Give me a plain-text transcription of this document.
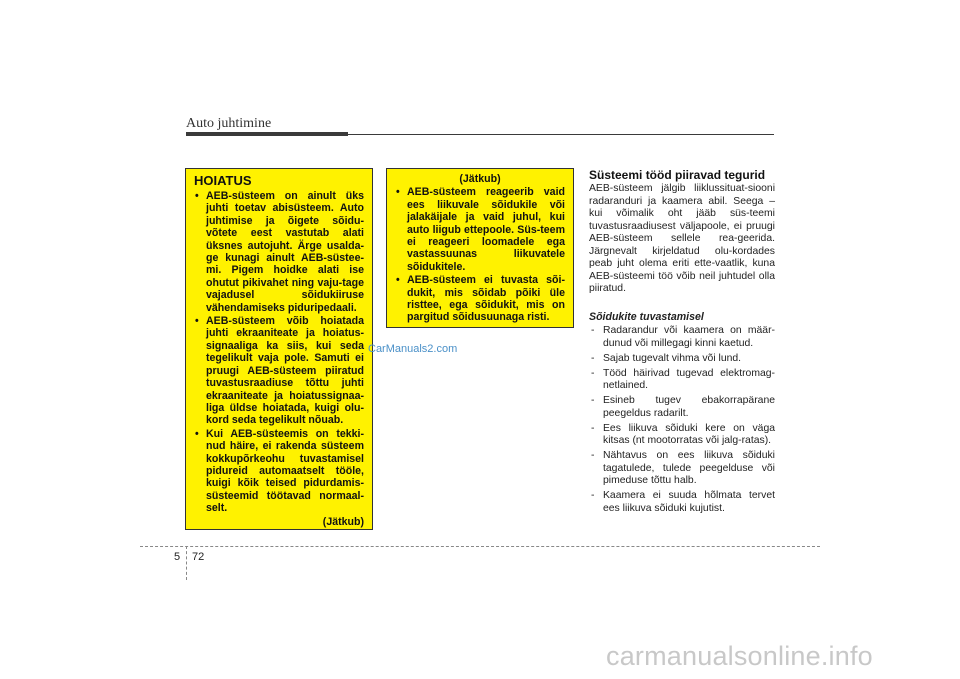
Auto juhtimine
HOIATUS
• AEB-süsteem on ainult üks juhti toetav abisüsteem. Auto juhtimise ja õigete sõidu-võtete eest vastutab alati üksnes autojuht. Ärge usalda-ge kunagi ainult AEB-süstee-mi. Pigem hoidke alati ise ohutut pikivahet ning vaju-tage vajadusel sõidukiiruse vähendamiseks piduripedaali.
• AEB-süsteem võib hoiatada juhti ekraaniteate ja hoiatus-signaaliga ka siis, kui seda tegelikult vaja pole. Samuti ei pruugi AEB-süsteem piiratud tuvastusraadiuse tõttu juhti ekraaniteate ja hoiatussignaa-liga üldse hoiatada, kuigi olu-kord seda tegelikult nõuab.
• Kui AEB-süsteemis on tekki-nud häire, ei rakenda süsteem kokkupõrkeohu tuvastamisel pidureid automaatselt tööle, kuigi kõik teised pidurdamis-süsteemid töötavad normaal-selt.
(Jätkub)
(Jätkub)
• AEB-süsteem reageerib vaid ees liikuvale sõidukile või jalakäijale ja vaid juhul, kui auto liigub ettepoole. Süs-teem ei reageeri loomadele ega vastassuunas liikuvatele sõidukitele.
• AEB-süsteem ei tuvasta sõi-dukit, mis sõidab põiki üle risttee, ega sõidukit, mis on pargitud sõidusuunaga risti.
CarManuals2.com
Süsteemi tööd piiravad tegurid
AEB-süsteem jälgib liiklussituat-siooni radaranduri ja kaamera abil. Seega – kui võimalik oht jääb süs-teemi tuvastusraadiusest väljapoole, ei pruugi AEB-süsteem sellele rea-geerida. Järgnevalt kirjeldatud olu-kordades peab juht olema eriti ette-vaatlik, kuna AEB-süsteemi töö võib neil juhtudel olla piiratud.
Sõidukite tuvastamisel
- Radarandur või kaamera on määr-dunud või millegagi kinni kaetud.
- Sajab tugevalt vihma või lund.
- Tööd häirivad tugevad elektromag-netlained.
- Esineb tugev ebakorrapärane peegeldus radarilt.
- Ees liikuva sõiduki kere on väga kitsas (nt mootorratas või jalg-ratas).
- Nähtavus on ees liikuva sõiduki tagatulede, tulede peegelduse või pimeduse tõttu halb.
- Kaamera ei suuda hõlmata tervet ees liikuva sõiduki kujutist.
5 72
carmanualsonline.info
